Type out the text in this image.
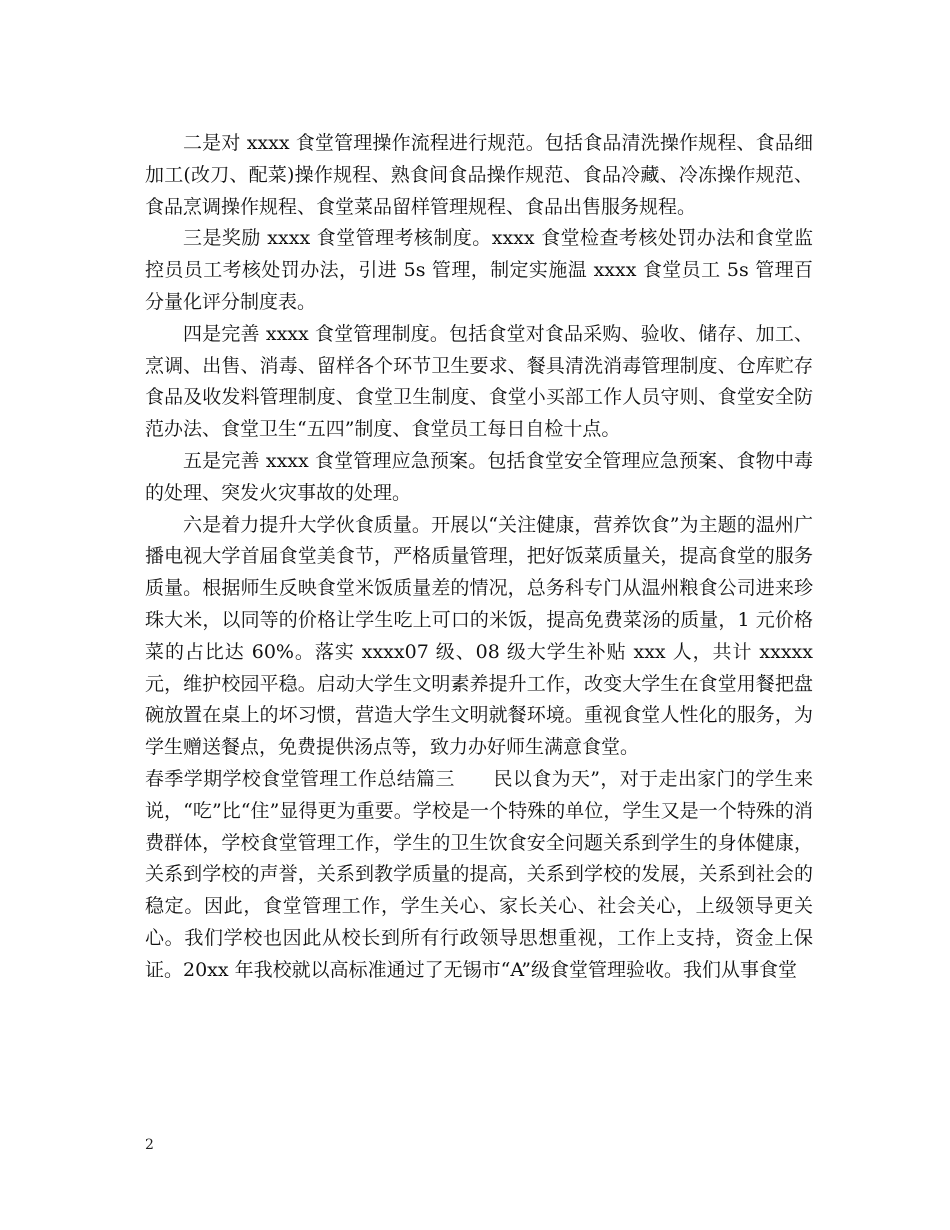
二是对 xxxx 食堂管理操作流程进行规范。包括食品清洗操作规程、食品细加工(改刀、配菜)操作规程、熟食间食品操作规范、食品冷藏、冷冻操作规范、食品烹调操作规程、食堂菜品留样管理规程、食品出售服务规程。

三是奖励 xxxx 食堂管理考核制度。xxxx 食堂检查考核处罚办法和食堂监控员员工考核处罚办法，引进 5s 管理，制定实施温 xxxx 食堂员工 5s 管理百分量化评分制度表。

四是完善 xxxx 食堂管理制度。包括食堂对食品采购、验收、储存、加工、烹调、出售、消毒、留样各个环节卫生要求、餐具清洗消毒管理制度、仓库贮存食品及收发料管理制度、食堂卫生制度、食堂小买部工作人员守则、食堂安全防范办法、食堂卫生“五四”制度、食堂员工每日自检十点。

五是完善 xxxx 食堂管理应急预案。包括食堂安全管理应急预案、食物中毒的处理、突发火灾事故的处理。

六是着力提升大学伙食质量。开展以“关注健康，营养饮食”为主题的温州广播电视大学首届食堂美食节，严格质量管理，把好饭菜质量关，提高食堂的服务质量。根据师生反映食堂米饭质量差的情况，总务科专门从温州粮食公司进来珍珠大米，以同等的价格让学生吃上可口的米饭，提高免费菜汤的质量，1 元价格菜的占比达 60%。落实 xxxx07 级、08 级大学生补贴 xxx 人，共计 xxxxx 元，维护校园平稳。启动大学生文明素养提升工作，改变大学生在食堂用餐把盘碗放置在桌上的坏习惯，营造大学生文明就餐环境。重视食堂人性化的服务，为学生赠送餐点，免费提供汤点等，致力办好师生满意食堂。

春季学期学校食堂管理工作总结篇三　　民以食为天”，对于走出家门的学生来说，“吃”比“住”显得更为重要。学校是一个特殊的单位，学生又是一个特殊的消费群体，学校食堂管理工作，学生的卫生饮食安全问题关系到学生的身体健康，关系到学校的声誉，关系到教学质量的提高，关系到学校的发展，关系到社会的稳定。因此，食堂管理工作，学生关心、家长关心、社会关心，上级领导更关心。我们学校也因此从校长到所有行政领导思想重视，工作上支持，资金上保证。20xx 年我校就以高标准通过了无锡市“A”级食堂管理验收。我们从事食堂

2
